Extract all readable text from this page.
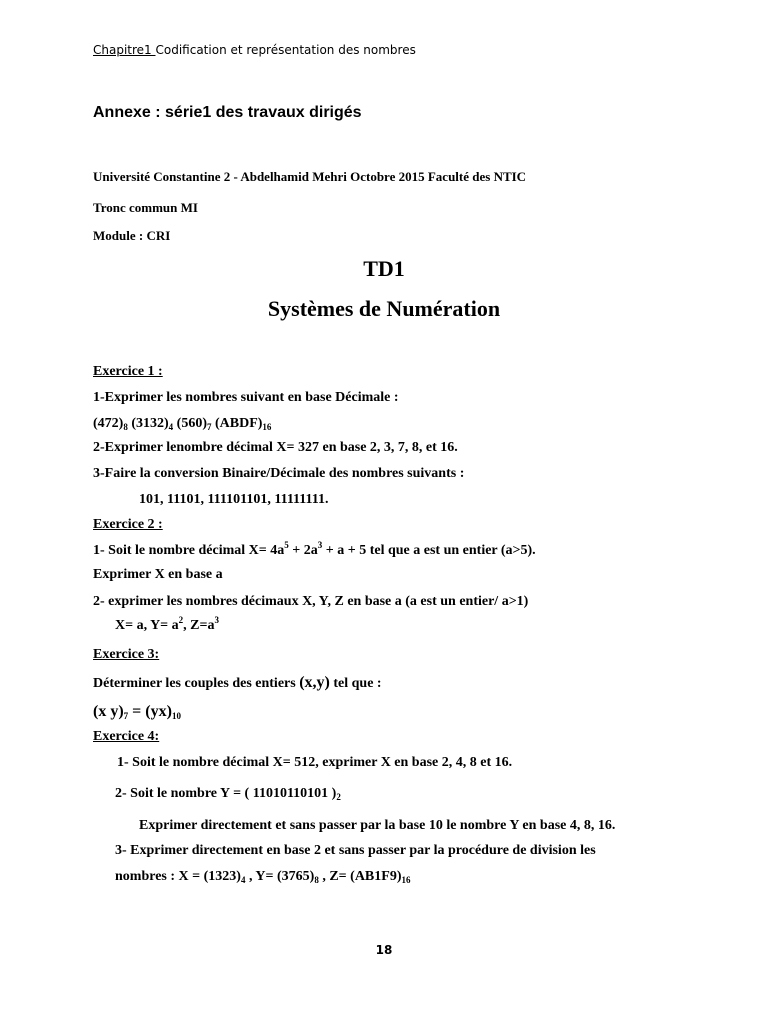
Chapitre1 Codification et représentation des nombres
Annexe : série1 des travaux dirigés
Université Constantine 2 - Abdelhamid Mehri Octobre 2015 Faculté des NTIC
Tronc commun MI
Module : CRI
TD1
Systèmes de Numération
Exercice 1 :
1-Exprimer les nombres suivant en base Décimale :
$(472)_8$ $(3132)_4$ $(560)_7$ $(ABDF)_{16}$
2-Exprimer lenombre décimal X= 327 en base 2, 3, 7, 8, et 16.
3-Faire la conversion Binaire/Décimale des nombres suivants :
101, 11101, 111101101, 11111111.
Exercice 2 :
1- Soit le nombre décimal $X= 4a^5 + 2a^3 + a + 5$ tel que a est un entier (a>5).
Exprimer X en base a
2- exprimer les nombres décimaux X, Y, Z en base a (a est un entier/ a>1)
X= a, $Y= a^2$, $Z=a^3$
Exercice 3:
Déterminer les couples des entiers (x,y) tel que :
(x $y)_7 = (yx)_{10}$
Exercice 4:
1- Soit le nombre décimal X= 512, exprimer X en base 2, 4, 8 et 16.
2- Soit le nombre Y = ( 11010110101 )$_2$
Exprimer directement et sans passer par la base 10 le nombre Y en base 4, 8, 16.
3- Exprimer directement en base 2 et sans passer par la procédure de division les
nombres : $X = (1323)_4$ , $Y= (3765)_8$ , $Z= (AB1F9)_{16}$
18
